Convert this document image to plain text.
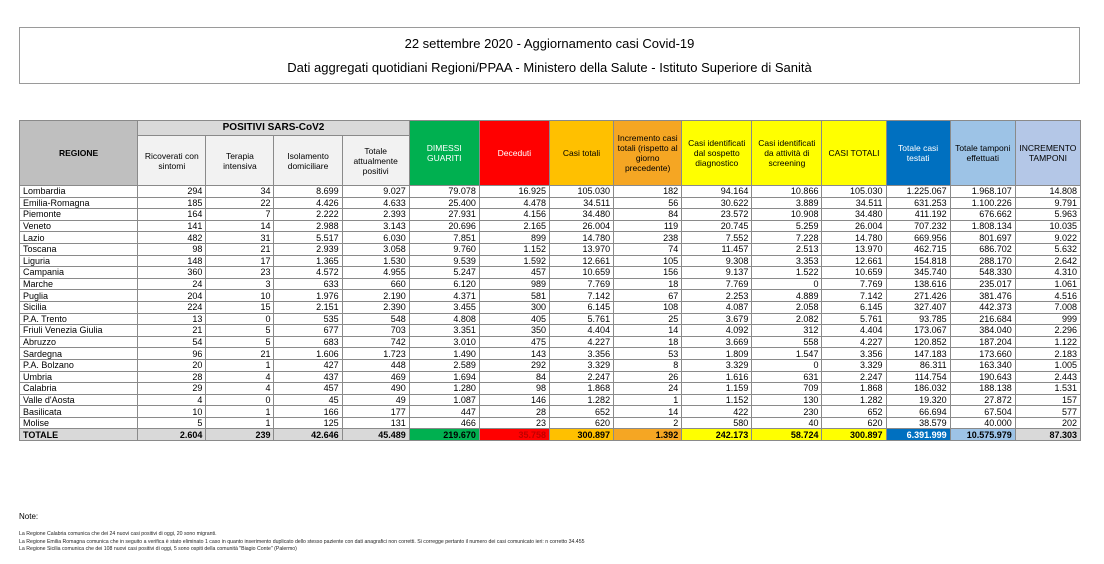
22 settembre 2020 - Aggiornamento casi Covid-19
Dati aggregati quotidiani Regioni/PPAA - Ministero della Salute - Istituto Superiore di Sanità
REGIONE	POSITIVI SARS-CoV2				DIMESSI GUARITI	Deceduti	Casi totali	Incremento casi totali (rispetto al giorno precedente)	Casi identificati dal sospetto diagnostico	Casi identificati da attività di screening	CASI TOTALI	Totale casi testati	Totale tamponi effettuati	INCREMENTO TAMPONI
	Ricoverati con sintomi	Terapia intensiva	Isolamento domiciliare	Totale attualmente positivi										
Lombardia	294	34	8.699	9.027	79.078	16.925	105.030	182	94.164	10.866	105.030	1.225.067	1.968.107	14.808
Emilia-Romagna	185	22	4.426	4.633	25.400	4.478	34.511	56	30.622	3.889	34.511	631.253	1.100.226	9.791
Piemonte	164	7	2.222	2.393	27.931	4.156	34.480	84	23.572	10.908	34.480	411.192	676.662	5.963
Veneto	141	14	2.988	3.143	20.696	2.165	26.004	119	20.745	5.259	26.004	707.232	1.808.134	10.035
Lazio	482	31	5.517	6.030	7.851	899	14.780	238	7.552	7.228	14.780	669.956	801.697	9.022
Toscana	98	21	2.939	3.058	9.760	1.152	13.970	74	11.457	2.513	13.970	462.715	686.702	5.632
Liguria	148	17	1.365	1.530	9.539	1.592	12.661	105	9.308	3.353	12.661	154.818	288.170	2.642
Campania	360	23	4.572	4.955	5.247	457	10.659	156	9.137	1.522	10.659	345.740	548.330	4.310
Marche	24	3	633	660	6.120	989	7.769	18	7.769	0	7.769	138.616	235.017	1.061
Puglia	204	10	1.976	2.190	4.371	581	7.142	67	2.253	4.889	7.142	271.426	381.476	4.516
Sicilia	224	15	2.151	2.390	3.455	300	6.145	108	4.087	2.058	6.145	327.407	442.373	7.008
P.A. Trento	13	0	535	548	4.808	405	5.761	25	3.679	2.082	5.761	93.785	216.684	999
Friuli Venezia Giulia	21	5	677	703	3.351	350	4.404	14	4.092	312	4.404	173.067	384.040	2.296
Abruzzo	54	5	683	742	3.010	475	4.227	18	3.669	558	4.227	120.852	187.204	1.122
Sardegna	96	21	1.606	1.723	1.490	143	3.356	53	1.809	1.547	3.356	147.183	173.660	2.183
P.A. Bolzano	20	1	427	448	2.589	292	3.329	8	3.329	0	3.329	86.311	163.340	1.005
Umbria	28	4	437	469	1.694	84	2.247	26	1.616	631	2.247	114.754	190.643	2.443
Calabria	29	4	457	490	1.280	98	1.868	24	1.159	709	1.868	186.032	188.138	1.531
Valle d'Aosta	4	0	45	49	1.087	146	1.282	1	1.152	130	1.282	19.320	27.872	157
Basilicata	10	1	166	177	447	28	652	14	422	230	652	66.694	67.504	577
Molise	5	1	125	131	466	23	620	2	580	40	620	38.579	40.000	202
TOTALE	2.604	239	42.646	45.489	219.670	35.758	300.897	1.392	242.173	58.724	300.897	6.391.999	10.575.979	87.303
Note:
La Regione Calabria comunica che dei 24 nuovi casi positivi di oggi, 20 sono migranti.
La Regione Emilia Romagna comunica che in seguito a verifica è stato eliminato 1 caso in quanto inserimento duplicato dello stesso paziente con dati anagrafici non corretti. Si corregge pertanto il numero dei casi comunicato ieri: n corretto 34.455
La Regione Sicilia comunica che dei 108 nuovi casi positivi di oggi, 5 sono ospiti della comunità "Biagio Conte" (Palermo)
